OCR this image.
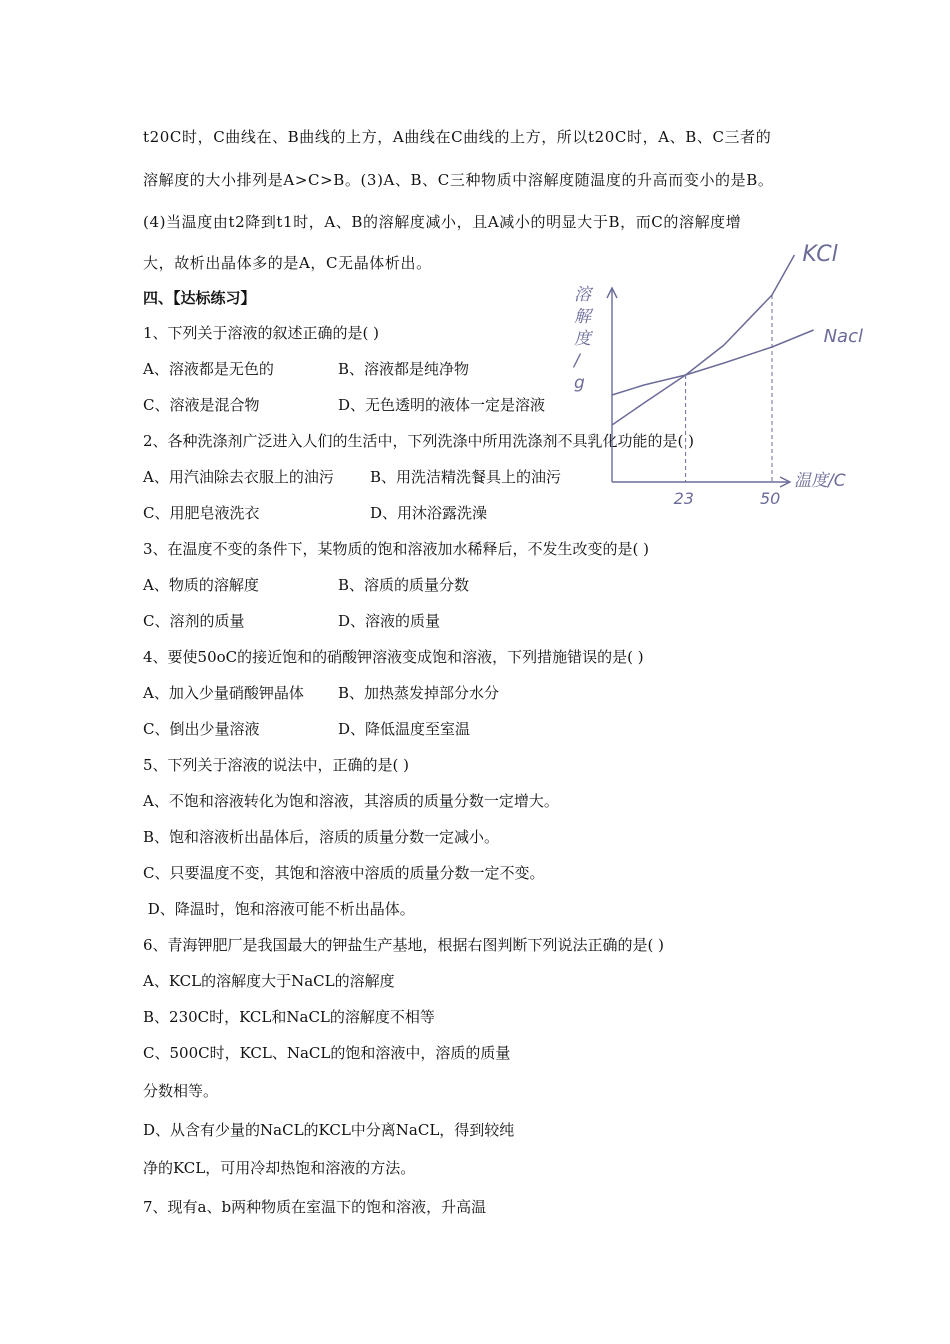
t20C时，C曲线在、B曲线的上方，A曲线在C曲线的上方，所以t20C时，A、B、C三者的
溶解度的大小排列是A>C>B。(3)A、B、C三种物质中溶解度随温度的升高而变小的是B。
(4)当温度由t2降到t1时，A、B的溶解度减小，且A减小的明显大于B，而C的溶解度增
大，故析出晶体多的是A，C无晶体析出。
四、【达标练习】
1、下列关于溶液的叙述正确的是( )
A、溶液都是无色的	B、溶液都是纯净物
C、溶液是混合物	D、无色透明的液体一定是溶液
2、各种洗涤剂广泛进入人们的生活中，下列洗涤中所用洗涤剂不具乳化功能的是( )
A、用汽油除去衣服上的油污 B、用洗洁精洗餐具上的油污
C、用肥皂液洗衣	D、用沐浴露洗澡
3、在温度不变的条件下，某物质的饱和溶液加水稀释后，不发生改变的是( )
A、物质的溶解度	B、溶质的质量分数
C、溶剂的质量	D、溶液的质量
4、要使50oC的接近饱和的硝酸钾溶液变成饱和溶液，下列措施错误的是( )
A、加入少量硝酸钾晶体 B、加热蒸发掉部分水分
C、倒出少量溶液	D、降低温度至室温
5、下列关于溶液的说法中，正确的是( )
A、不饱和溶液转化为饱和溶液，其溶质的质量分数一定增大。
B、饱和溶液析出晶体后，溶质的质量分数一定减小。
C、只要温度不变，其饱和溶液中溶质的质量分数一定不变。
D、降温时，饱和溶液可能不析出晶体。
6、青海钾肥厂是我国最大的钾盐生产基地，根据右图判断下列说法正确的是( )
A、KCL的溶解度大于NaCL的溶解度
B、230C时，KCL和NaCL的溶解度不相等
C、500C时，KCL、NaCL的饱和溶液中，溶质的质量
分数相等。
D、从含有少量的NaCL的KCL中分离NaCL，得到较纯
净的KCL，可用冷却热饱和溶液的方法。
7、现有a、b两种物质在室温下的饱和溶液，升高温
溶
解
度
/
g
温度/C
KCl
Nacl
23	50
